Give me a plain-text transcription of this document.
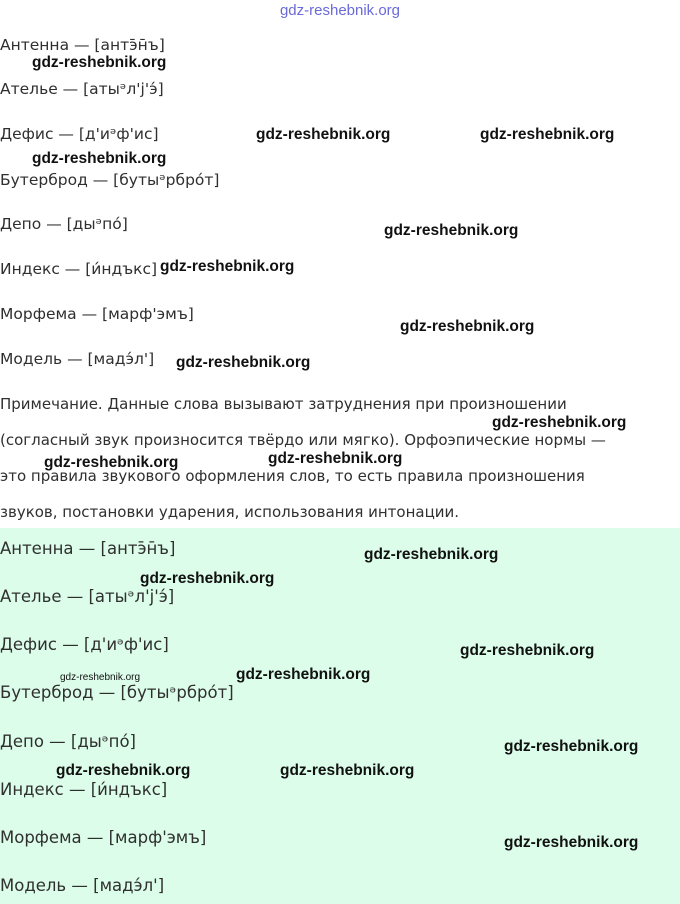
gdz-reshebnik.org
Антенна — [антэ̄н̄ъ]
Ателье — [аты͏ᵊл'j'э́]
Дефис — [д'иᵊф'ис]
Бутерброд — [бутыᵊрбро́т]
Депо — [дыᵊпо́]
Индекс — [и́ндъкс]
Морфема — [марф'эмъ]
Модель — [мадэ́л']
Примечание. Данные слова вызывают затруднения при произношении
(согласный звук произносится твёрдо или мягко). Орфоэпические нормы —
это правила звукового оформления слов, то есть правила произношения
звуков, постановки ударения, использования интонации.
Антенна — [антэ̄н̄ъ]
Ателье — [атыᵊл'j'э́]
Дефис — [д'иᵊф'ис]
Бутерброд — [бутыᵊрбро́т]
Депо — [дыᵊпо́]
Индекс — [и́ндъкс]
Морфема — [марф'эмъ]
Модель — [мадэ́л']
gdz-reshebnik.org
gdz-reshebnik.org	gdz-reshebnik.org
gdz-reshebnik.org
gdz-reshebnik.org
gdz-reshebnik.org
gdz-reshebnik.org
gdz-reshebnik.org
gdz-reshebnik.org
gdz-reshebnik.org
gdz-reshebnik.org
gdz-reshebnik.org
gdz-reshebnik.org
gdz-reshebnik.org
gdz-reshebnik.org	gdz-reshebnik.org
gdz-reshebnik.org
gdz-reshebnik.org	gdz-reshebnik.org
gdz-reshebnik.org
